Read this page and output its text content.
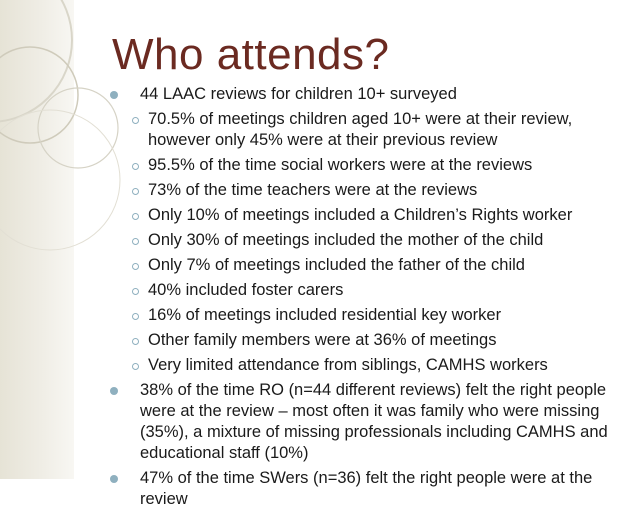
Who attends?
44 LAAC reviews for children 10+ surveyed
70.5% of meetings children aged 10+ were at their review, however only 45% were at their previous review
95.5% of the time social workers were at the reviews
73% of the time teachers were at the reviews
Only 10% of meetings included a Children’s Rights worker
Only 30% of meetings included the mother of the child
Only 7% of meetings included the father of the child
40% included foster carers
16% of meetings included residential key worker
Other family members were at 36% of meetings
Very limited attendance from siblings, CAMHS workers
38% of the time RO (n=44 different reviews) felt the right people were at the review – most often it was family who were missing (35%), a mixture of missing professionals including CAMHS and educational staff (10%)
47% of the time SWers (n=36) felt the right people were at the review
